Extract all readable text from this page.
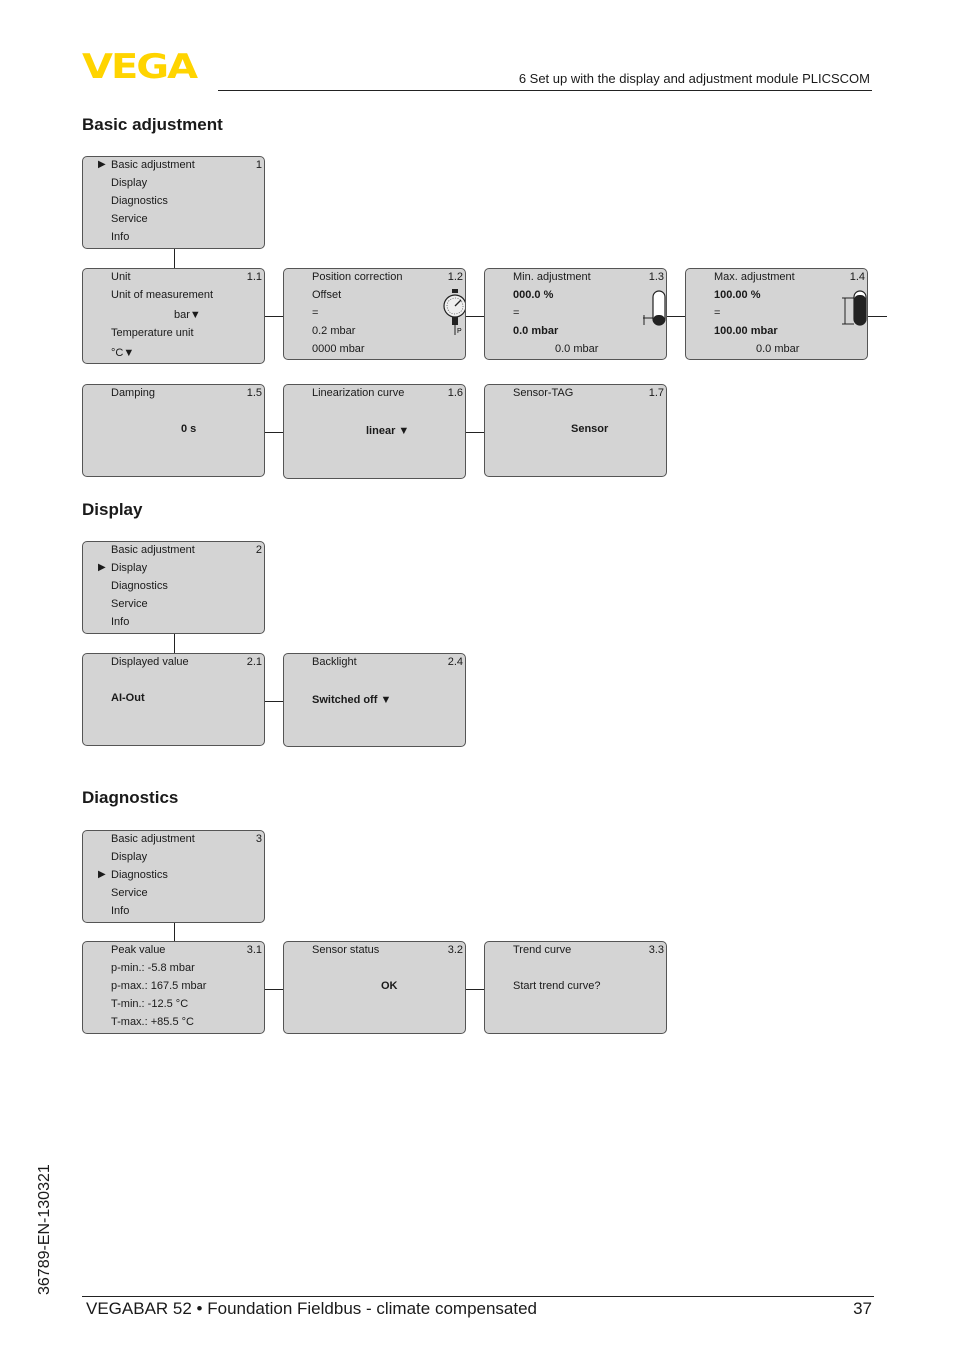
VEGA	6 Set up with the display and adjustment module PLICSCOM
Basic adjustment
▶ Basic adjustment
Display
Diagnostics
Service
Info
1
Unit	1.1
Unit of measurement
bar▼
Temperature unit
°C▼
Position correction	1.2
Offset
=
0.2 mbar
0000 mbar
P
Min. adjustment	1.3
000.0 %
=
0.0 mbar
0.0 mbar
Max. adjustment	1.4
100.00 %
=
100.00 mbar
0.0 mbar
Damping	1.5
0 s
Linearization curve	1.6
linear ▼
Sensor-TAG	1.7
Sensor
Display
Basic adjustment
▶ Display
Diagnostics
Service
Info
2
Displayed value	2.1
AI-Out
Backlight	2.4
Switched off ▼
Diagnostics
Basic adjustment
Display
▶ Diagnostics
Service
Info
3
Peak value	3.1
p-min.: -5.8 mbar
p-max.: 167.5 mbar
T-min.: -12.5 °C
T-max.: +85.5 °C
Sensor status	3.2
OK
Trend curve	3.3
Start trend curve?
36789-EN-130321
VEGABAR 52 • Foundation Fieldbus - climate compensated	37
